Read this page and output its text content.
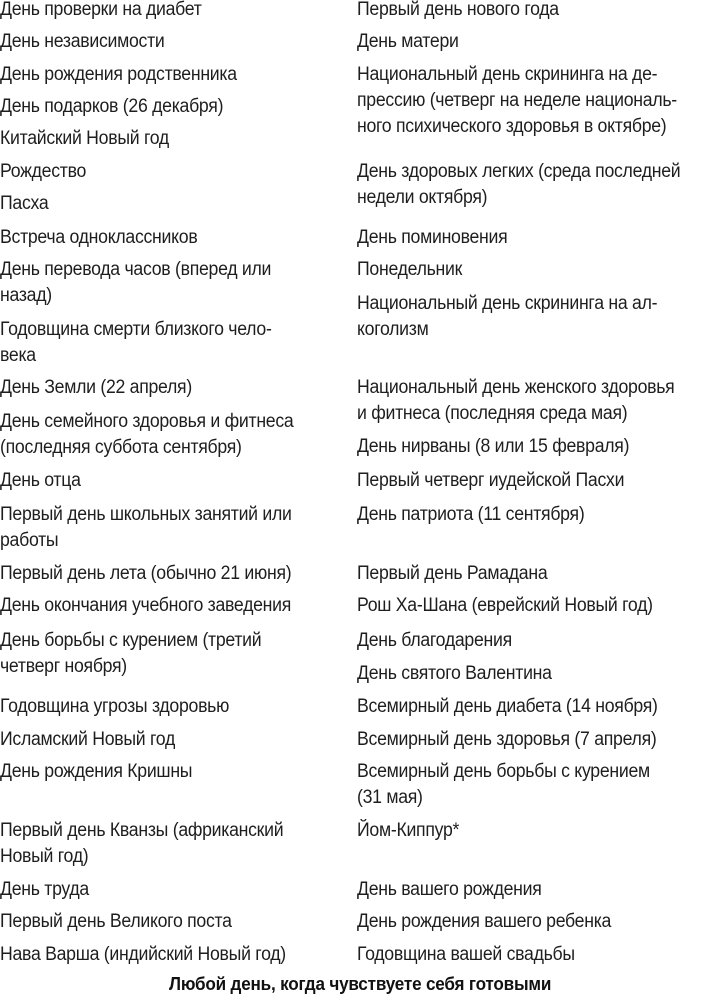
День проверки на диабет

День независимости

День рождения родственника

День подарков (26 декабря)

Китайский Новый год

Рождество

Пасха

Встреча одноклассников

День перевода часов (вперед или
назад)

Годовщина смерти близкого чело-
века

День Земли (22 апреля)

День семейного здоровья и фитнеса
(последняя суббота сентября)

День отца

Первый день школьных занятий или
работы

Первый день лета (обычно 21 июня)

День окончания учебного заведения

День борьбы с курением (третий
четверг ноября)

Годовщина угрозы здоровью

Исламский Новый год

День рождения Кришны

Первый день Кванзы (африканский
Новый год)

День труда

Первый день Великого поста

Нава Варша (индийский Новый год)

Первый день нового года

День матери

Национальный день скрининга на де-
прессию (четверг на неделе националь-
ного психического здоровья в октябре)

День здоровых легких (среда последней
недели октября)

День поминовения

Понедельник

Национальный день скрининга на ал-
коголизм

Национальный день женского здоровья
и фитнеса (последняя среда мая)

День нирваны (8 или 15 февраля)

Первый четверг иудейской Пасхи

День патриота (11 сентября)

Первый день Рамадана

Рош Ха-Шана (еврейский Новый год)

День благодарения

День святого Валентина

Всемирный день диабета (14 ноября)

Всемирный день здоровья (7 апреля)

Всемирный день борьбы с курением
(31 мая)

Йом-Киппур*

День вашего рождения

День рождения вашего ребенка

Годовщина вашей свадьбы

Любой день, когда чувствуете себя готовыми
